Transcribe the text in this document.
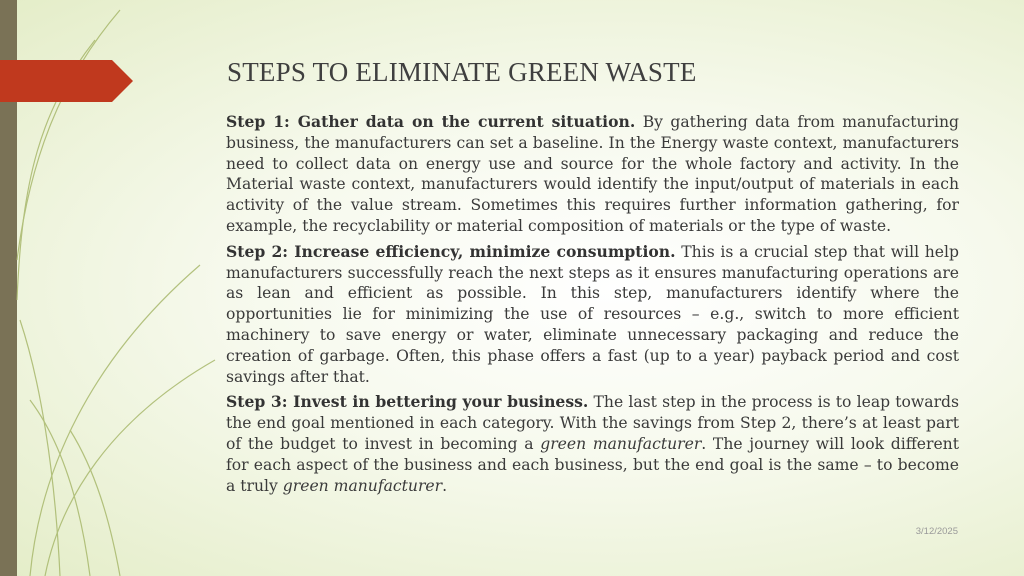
STEPS TO ELIMINATE GREEN WASTE

Step 1: Gather data on the current situation. By gathering data from manufacturing business, the manufacturers can set a baseline. In the Energy waste context, manufacturers need to collect data on energy use and source for the whole factory and activity. In the Material waste context, manufacturers would identify the input/output of materials in each activity of the value stream. Sometimes this requires further information gathering, for example, the recyclability or material composition of materials or the type of waste.

Step 2: Increase efficiency, minimize consumption. This is a crucial step that will help manufacturers successfully reach the next steps as it ensures manufacturing operations are as lean and efficient as possible. In this step, manufacturers identify where the opportunities lie for minimizing the use of resources – e.g., switch to more efficient machinery to save energy or water, eliminate unnecessary packaging and reduce the creation of garbage. Often, this phase offers a fast (up to a year) payback period and cost savings after that.

Step 3: Invest in bettering your business. The last step in the process is to leap towards the end goal mentioned in each category. With the savings from Step 2, there’s at least part of the budget to invest in becoming a green manufacturer. The journey will look different for each aspect of the business and each business, but the end goal is the same – to become a truly green manufacturer.

3/12/2025
